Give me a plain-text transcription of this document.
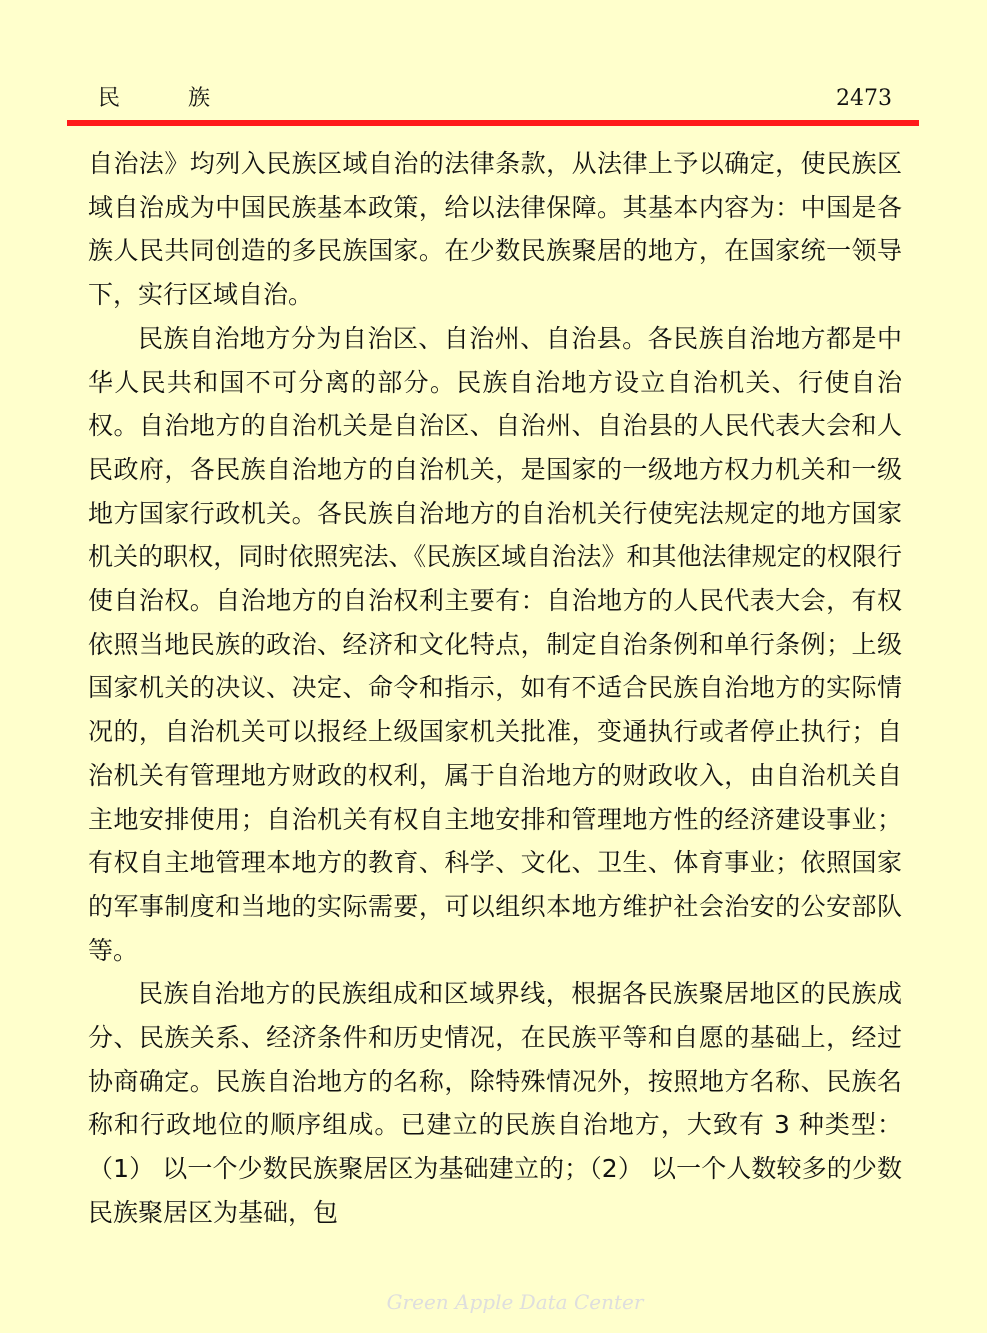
民族	2473

自治法》均列入民族区域自治的法律条款，从法律上予以确定，使民族区域自治成为中国民族基本政策，给以法律保障。其基本内容为：中国是各族人民共同创造的多民族国家。在少数民族聚居的地方，在国家统一领导下，实行区域自治。

民族自治地方分为自治区、自治州、自治县。各民族自治地方都是中华人民共和国不可分离的部分。民族自治地方设立自治机关、行使自治权。自治地方的自治机关是自治区、自治州、自治县的人民代表大会和人民政府，各民族自治地方的自治机关，是国家的一级地方权力机关和一级地方国家行政机关。各民族自治地方的自治机关行使宪法规定的地方国家机关的职权，同时依照宪法、《民族区域自治法》和其他法律规定的权限行使自治权。自治地方的自治权利主要有：自治地方的人民代表大会，有权依照当地民族的政治、经济和文化特点，制定自治条例和单行条例；上级国家机关的决议、决定、命令和指示，如有不适合民族自治地方的实际情况的，自治机关可以报经上级国家机关批准，变通执行或者停止执行；自治机关有管理地方财政的权利，属于自治地方的财政收入，由自治机关自主地安排使用；自治机关有权自主地安排和管理地方性的经济建设事业；有权自主地管理本地方的教育、科学、文化、卫生、体育事业；依照国家的军事制度和当地的实际需要，可以组织本地方维护社会治安的公安部队等。

民族自治地方的民族组成和区域界线，根据各民族聚居地区的民族成分、民族关系、经济条件和历史情况，在民族平等和自愿的基础上，经过协商确定。民族自治地方的名称，除特殊情况外，按照地方名称、民族名称和行政地位的顺序组成。已建立的民族自治地方，大致有 3 种类型：（1） 以一个少数民族聚居区为基础建立的；（2） 以一个人数较多的少数民族聚居区为基础，包

Green Apple Data Center
